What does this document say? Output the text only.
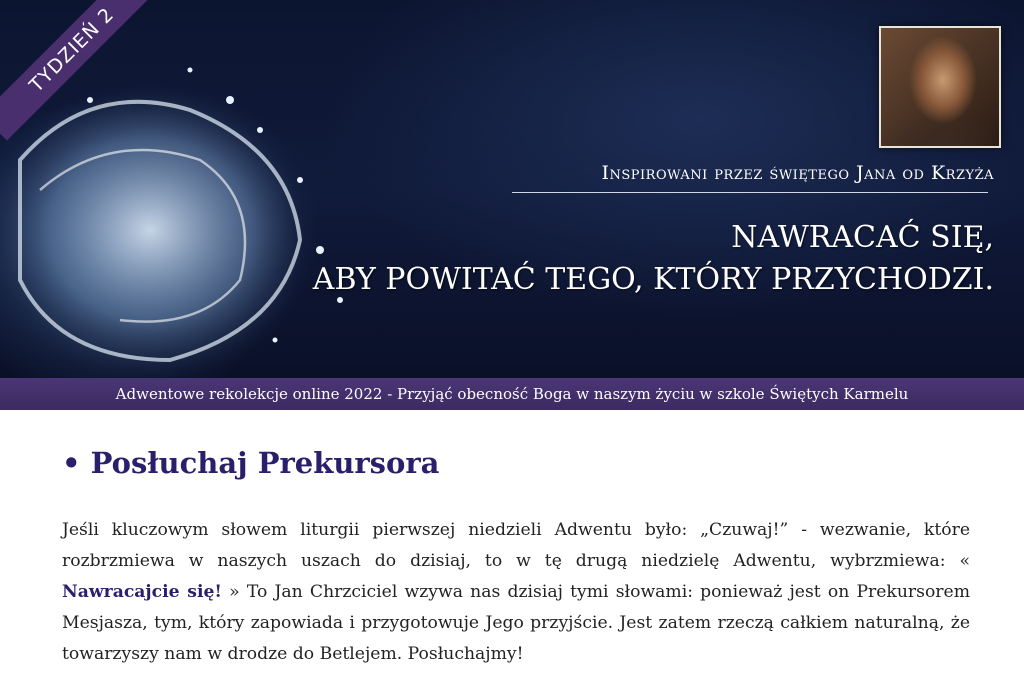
TYDZIEŃ 2
Inspirowani przez świętego Jana od Krzyża
NAWRACAĆ SIĘ,
ABY POWITAĆ TEGO, KTÓRY PRZYCHODZI.
Adwentowe rekolekcje online 2022 - Przyjąć obecność Boga w naszym życiu w szkole Świętych Karmelu
• Posłuchaj Prekursora

Jeśli kluczowym słowem liturgii pierwszej niedzieli Adwentu było: „Czuwaj!” - wezwanie, które rozbrzmiewa w naszych uszach do dzisiaj, to w tę drugą niedzielę Adwentu, wybrzmiewa: « Nawracajcie się! » To Jan Chrzciciel wzywa nas dzisiaj tymi słowami: ponieważ jest on Prekursorem Mesjasza, tym, który zapowiada i przygotowuje Jego przyjście. Jest zatem rzeczą całkiem naturalną, że towarzyszy nam w drodze do Betlejem. Posłuchajmy!
